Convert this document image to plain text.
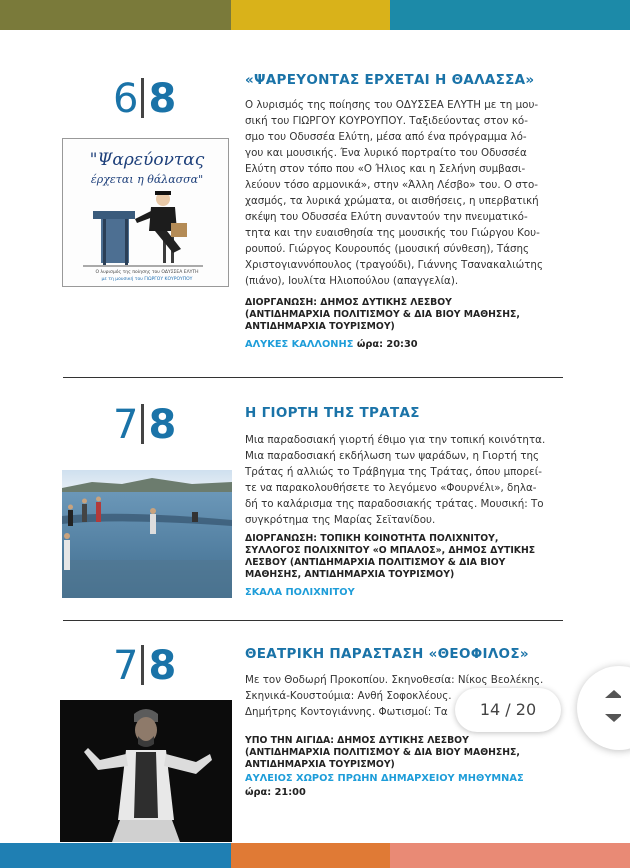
6 8
"Ψαρεύοντας
έρχεται η θάλασσα"
Ο λυρισμός της ποίησης του ΟΔΥΣΣΕΑ ΕΛΥΤΗ
με τη μουσική του ΓΙΩΡΓΟΥ ΚΟΥΡΟΥΠΟΥ
«ΨΑΡΕΥΟΝΤΑΣ ΕΡΧΕΤΑΙ Η ΘΑΛΑΣΣΑ»
Ο λυρισμός της ποίησης του ΟΔΥΣΣΕΑ ΕΛΥΤΗ με τη μου-
σική του ΓΙΩΡΓΟΥ ΚΟΥΡΟΥΠΟΥ. Ταξιδεύοντας στον κό-
σμο του Οδυσσέα Ελύτη, μέσα από ένα πρόγραμμα λό-
γου και μουσικής. Ένα λυρικό πορτραίτο του Οδυσσέα
Ελύτη στον τόπο που «Ο Ήλιος και η Σελήνη συμβασι-
λεύουν τόσο αρμονικά», στην «Άλλη Λέσβο» του. Ο στο-
χασμός, τα λυρικά χρώματα, οι αισθήσεις, η υπερβατική
σκέψη του Οδυσσέα Ελύτη συναντούν την πνευματικό-
τητα και την ευαισθησία της μουσικής του Γιώργου Κου-
ρουπού. Γιώργος Κουρουπός (μουσική σύνθεση), Τάσης
Χριστογιαννόπουλος (τραγούδι), Γιάννης Τσανακαλιώτης
(πιάνο), Ιουλίτα Ηλιοπούλου (απαγγελία).
ΔΙΟΡΓΑΝΩΣΗ: ΔΗΜΟΣ ΔΥΤΙΚΗΣ ΛΕΣΒΟΥ
(ΑΝΤΙΔΗΜΑΡΧΙΑ ΠΟΛΙΤΙΣΜΟΥ & ΔΙΑ ΒΙΟΥ ΜΑΘΗΣΗΣ,
ΑΝΤΙΔΗΜΑΡΧΙΑ ΤΟΥΡΙΣΜΟΥ)
ΑΛΥΚΕΣ ΚΑΛΛΟΝΗΣ ώρα: 20:30
7 8	Η ΓΙΟΡΤΗ ΤΗΣ ΤΡΑΤΑΣ
Μια παραδοσιακή γιορτή έθιμο για την τοπική κοινότητα.
Μια παραδοσιακή εκδήλωση των ψαράδων, η Γιορτή της
Τράτας ή αλλιώς το Τράβηγμα της Τράτας, όπου μπορεί-
τε να παρακολουθήσετε το λεγόμενο «Φουρνέλι», δηλα-
δή το καλάρισμα της παραδοσιακής τράτας. Μουσική: Το
συγκρότημα της Μαρίας Σεϊτανίδου.
ΔΙΟΡΓΑΝΩΣΗ: ΤΟΠΙΚΗ ΚΟΙΝΟΤΗΤΑ ΠΟΛΙΧΝΙΤΟΥ,
ΣΥΛΛΟΓΟΣ ΠΟΛΙΧΝΙΤΟΥ «Ο ΜΠΑΛΟΣ», ΔΗΜΟΣ ΔΥΤΙΚΗΣ
ΛΕΣΒΟΥ (ΑΝΤΙΔΗΜΑΡΧΙΑ ΠΟΛΙΤΙΣΜΟΥ & ΔΙΑ ΒΙΟΥ
ΜΑΘΗΣΗΣ, ΑΝΤΙΔΗΜΑΡΧΙΑ ΤΟΥΡΙΣΜΟΥ)
ΣΚΑΛΑ ΠΟΛΙΧΝΙΤΟΥ
7 8	ΘΕΑΤΡΙΚΗ ΠΑΡΑΣΤΑΣΗ «ΘΕΟΦΙΛΟΣ»
Με τον Θοδωρή Προκοπίου. Σκηνοθεσία: Νίκος Βεολέκης.
Σκηνικά-Κουστούμια: Ανθή Σοφοκλέους.
Δημήτρης Κοντογιάννης. Φωτισμοί: Τα
ΥΠΟ ΤΗΝ ΑΙΓΙΔΑ: ΔΗΜΟΣ ΔΥΤΙΚΗΣ ΛΕΣΒΟΥ
(ΑΝΤΙΔΗΜΑΡΧΙΑ ΠΟΛΙΤΙΣΜΟΥ & ΔΙΑ ΒΙΟΥ ΜΑΘΗΣΗΣ,
ΑΝΤΙΔΗΜΑΡΧΙΑ ΤΟΥΡΙΣΜΟΥ)
ΑΥΛΕΙΟΣ ΧΩΡΟΣ ΠΡΩΗΝ ΔΗΜΑΡΧΕΙΟΥ ΜΗΘΥΜΝΑΣ
ώρα: 21:00
14 / 20
